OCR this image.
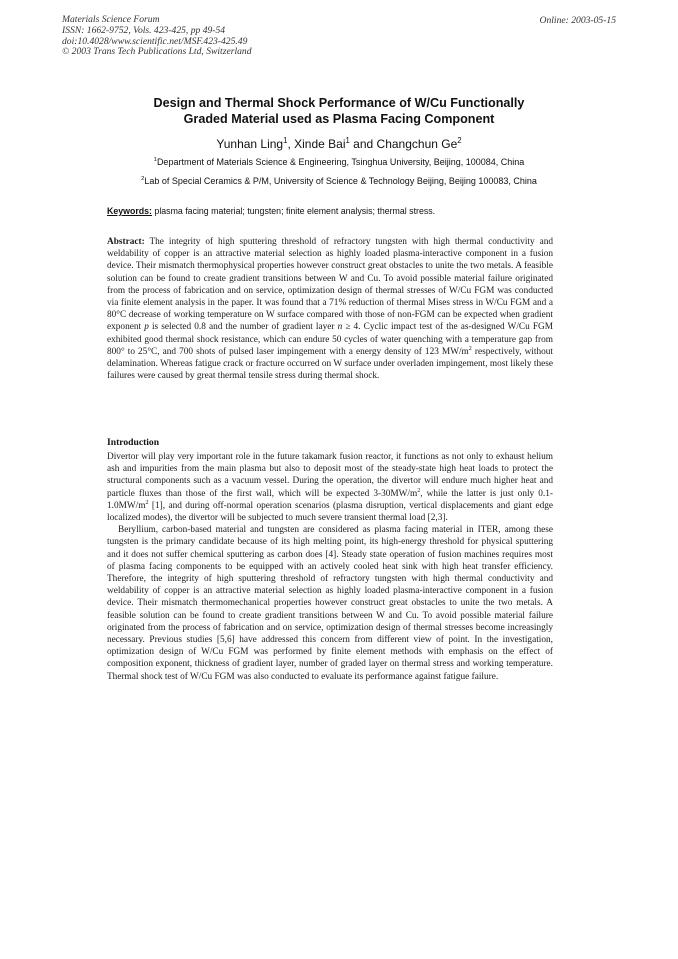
Materials Science Forum
ISSN: 1662-9752, Vols. 423-425, pp 49-54
doi:10.4028/www.scientific.net/MSF.423-425.49
© 2003 Trans Tech Publications Ltd, Switzerland
Online: 2003-05-15
Design and Thermal Shock Performance of W/Cu Functionally
Graded Material used as Plasma Facing Component
Yunhan Ling$^1$, Xinde Bai$^1$ and Changchun Ge$^2$
$^1$Department of Materials Science & Engineering, Tsinghua University, Beijing, 100084, China
$^2$Lab of Special Ceramics & P/M, University of Science & Technology Beijing, Beijing 100083, China
Keywords: plasma facing material; tungsten; finite element analysis; thermal stress.
Abstract: The integrity of high sputtering threshold of refractory tungsten with high thermal conductivity and weldability of copper is an attractive material selection as highly loaded plasma-interactive component in a fusion device. Their mismatch thermophysical properties however construct great obstacles to unite the two metals. A feasible solution can be found to create gradient transitions between W and Cu. To avoid possible material failure originated from the process of fabrication and on service, optimization design of thermal stresses of W/Cu FGM was conducted via finite element analysis in the paper. It was found that a 71% reduction of thermal Mises stress in W/Cu FGM and a 80°C decrease of working temperature on W surface compared with those of non-FGM can be expected when gradient exponent p is selected 0.8 and the number of gradient layer n ≥ 4. Cyclic impact test of the as-designed W/Cu FGM exhibited good thermal shock resistance, which can endure 50 cycles of water quenching with a temperature gap from 800° to 25°C, and 700 shots of pulsed laser impingement with a energy density of 123 $MW/m^2$ respectively, without delamination. Whereas fatigue crack or fracture occurred on W surface under overladen impingement, most likely these failures were caused by great thermal tensile stress during thermal shock.
Introduction

Divertor will play very important role in the future takamark fusion reactor, it functions as not only to exhaust helium ash and impurities from the main plasma but also to deposit most of the steady-state high heat loads to protect the structural components such as a vacuum vessel. During the operation, the divertor will endure much higher heat and particle fluxes than those of the first wall, which will be expected $3-30MW/m^2$, while the latter is just only $0.1-1.0MW/m^2$ [1], and during off-normal operation scenarios (plasma disruption, vertical displacements and giant edge localized modes), the divertor will be subjected to much severe transient thermal load [2,3].

Beryllium, carbon-based material and tungsten are considered as plasma facing material in ITER, among these tungsten is the primary candidate because of its high melting point, its high-energy threshold for physical sputtering and it does not suffer chemical sputtering as carbon does [4]. Steady state operation of fusion machines requires most of plasma facing components to be equipped with an actively cooled heat sink with high heat transfer efficiency. Therefore, the integrity of high sputtering threshold of refractory tungsten with high thermal conductivity and weldability of copper is an attractive material selection as highly loaded plasma-interactive component in a fusion device. Their mismatch thermomechanical properties however construct great obstacles to unite the two metals. A feasible solution can be found to create gradient transitions between W and Cu. To avoid possible material failure originated from the process of fabrication and on service, optimization design of thermal stresses become increasingly necessary. Previous studies [5,6] have addressed this concern from different view of point. In the investigation, optimization design of W/Cu FGM was performed by finite element methods with emphasis on the effect of composition exponent, thickness of gradient layer, number of graded layer on thermal stress and working temperature. Thermal shock test of W/Cu FGM was also conducted to evaluate its performance against fatigue failure.
